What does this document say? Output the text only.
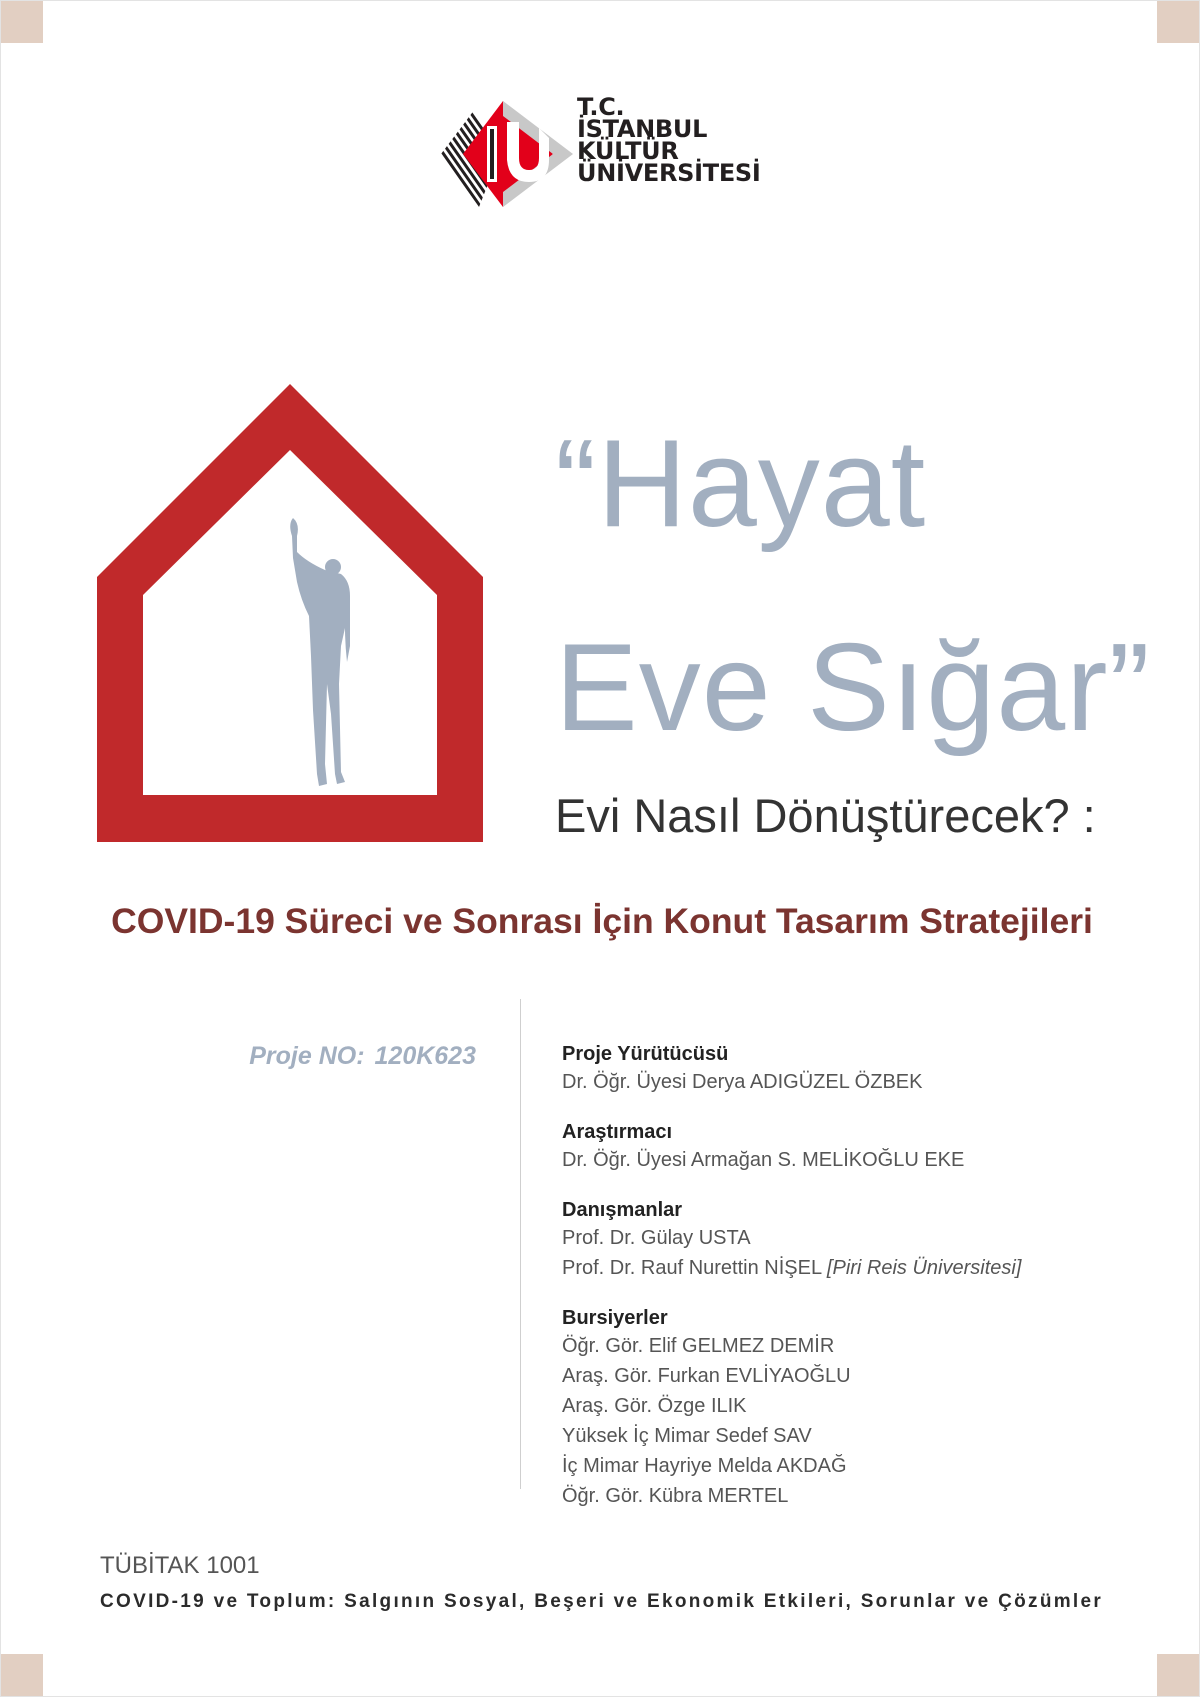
T.C.
İSTANBUL
KÜLTÜR
ÜNİVERSİTESİ
“Hayat
Eve Sığar”
Evi Nasıl Dönüştürecek? :
COVID-19 Süreci ve Sonrası İçin Konut Tasarım Stratejileri
Proje NO: 120K623	Proje Yürütücüsü
Dr. Öğr. Üyesi Derya ADIGÜZEL ÖZBEK
Araştırmacı
Dr. Öğr. Üyesi Armağan S. MELİKOĞLU EKE
Danışmanlar
Prof. Dr. Gülay USTA
Prof. Dr. Rauf Nurettin NİŞEL [Piri Reis Üniversitesi]
Bursiyerler
Öğr. Gör. Elif GELMEZ DEMİR
Araş. Gör. Furkan EVLİYAOĞLU
Araş. Gör. Özge ILIK
Yüksek İç Mimar Sedef SAV
İç Mimar Hayriye Melda AKDAĞ
Öğr. Gör. Kübra MERTEL
TÜBİTAK 1001
COVID-19 ve Toplum: Salgının Sosyal, Beşeri ve Ekonomik Etkileri, Sorunlar ve Çözümler
